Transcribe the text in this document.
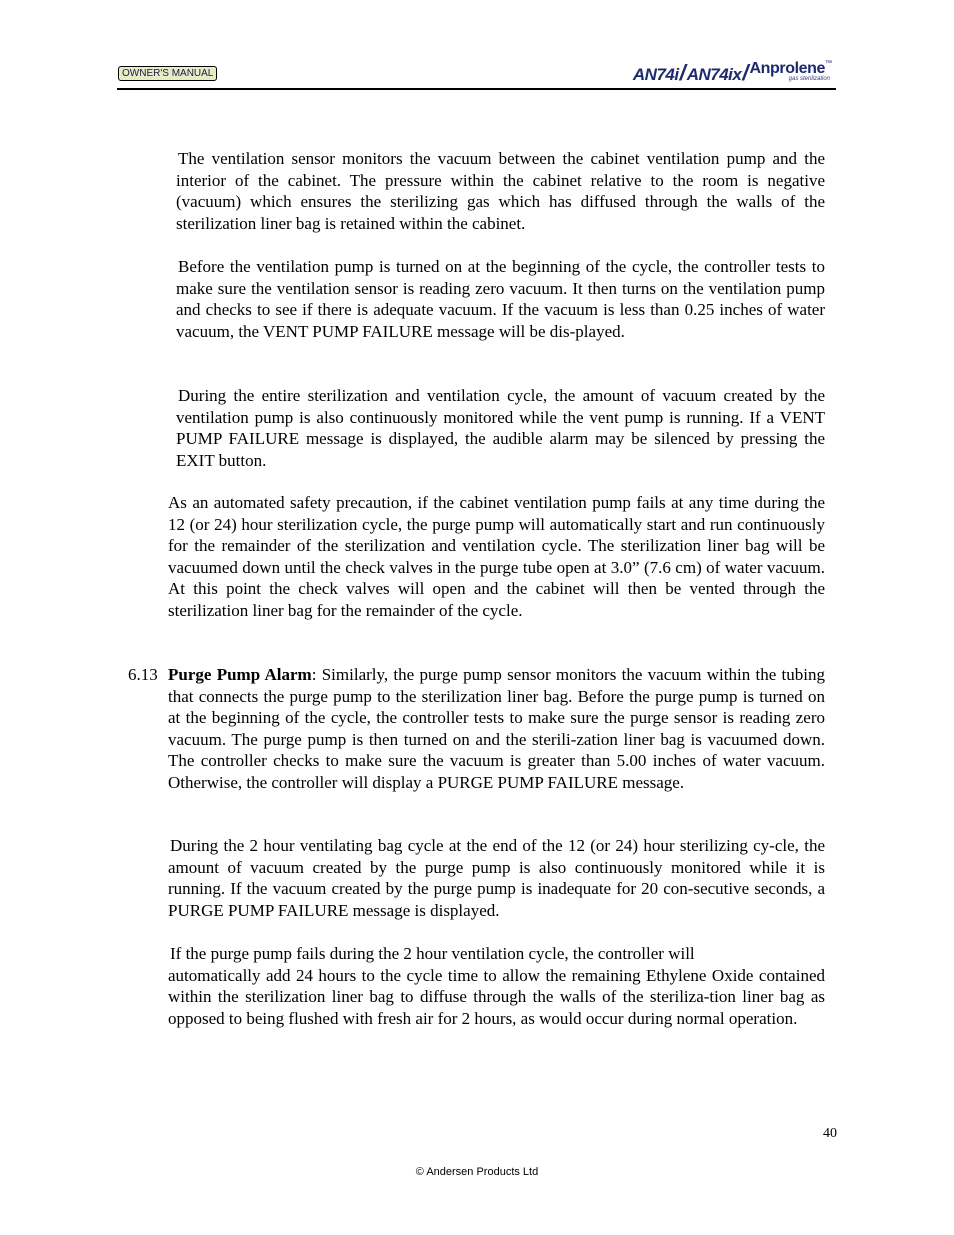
OWNER'S MANUAL	AN74i/AN74ix/Anprolene™
gas sterilization

The ventilation sensor monitors the vacuum between the cabinet ventilation pump and the interior of the cabinet. The pressure within the cabinet relative to the room is negative (vacuum) which ensures the sterilizing gas which has diffused through the walls of the sterilization liner bag is retained within the cabinet.

Before the ventilation pump is turned on at the beginning of the cycle, the controller tests to make sure the ventilation sensor is reading zero vacuum. It then turns on the ventilation pump and checks to see if there is adequate vacuum. If the vacuum is less than 0.25 inches of water vacuum, the VENT PUMP FAILURE message will be dis-played.

During the entire sterilization and ventilation cycle, the amount of vacuum created by the ventilation pump is also continuously monitored while the vent pump is running. If a VENT PUMP FAILURE message is displayed, the audible alarm may be silenced by pressing the EXIT button.

As an automated safety precaution, if the cabinet ventilation pump fails at any time during the 12 (or 24) hour sterilization cycle, the purge pump will automatically start and run continuously for the remainder of the sterilization and ventilation cycle. The sterilization liner bag will be vacuumed down until the check valves in the purge tube open at 3.0” (7.6 cm) of water vacuum. At this point the check valves will open and the cabinet will then be vented through the sterilization liner bag for the remainder of the cycle.

6.13 Purge Pump Alarm: Similarly, the purge pump sensor monitors the vacuum within the tubing that connects the purge pump to the sterilization liner bag. Before the purge pump is turned on at the beginning of the cycle, the controller tests to make sure the purge sensor is reading zero vacuum. The purge pump is then turned on and the sterili-zation liner bag is vacuumed down. The controller checks to make sure the vacuum is greater than 5.00 inches of water vacuum. Otherwise, the controller will display a PURGE PUMP FAILURE message.

During the 2 hour ventilating bag cycle at the end of the 12 (or 24) hour sterilizing cy-cle, the amount of vacuum created by the purge pump is also continuously monitored while it is running. If the vacuum created by the purge pump is inadequate for 20 con-secutive seconds, a PURGE PUMP FAILURE message is displayed.

If the purge pump fails during the 2 hour ventilation cycle, the controller will
automatically add 24 hours to the cycle time to allow the remaining Ethylene Oxide contained within the sterilization liner bag to diffuse through the walls of the steriliza-tion liner bag as opposed to being flushed with fresh air for 2 hours, as would occur during normal operation.

40
© Andersen Products Ltd
